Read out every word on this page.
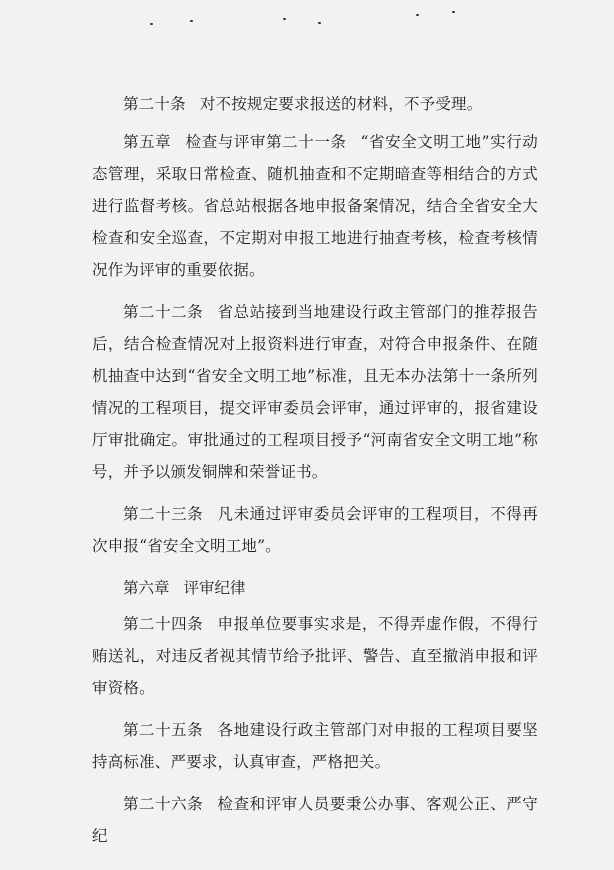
第二十条 对不按规定要求报送的材料，不予受理。

第五章 检查与评审第二十一条 “省安全文明工地”实行动态管理，采取日常检查、随机抽查和不定期暗查等相结合的方式进行监督考核。省总站根据各地申报备案情况，结合全省安全大检查和安全巡查，不定期对申报工地进行抽查考核，检查考核情况作为评审的重要依据。

第二十二条 省总站接到当地建设行政主管部门的推荐报告后，结合检查情况对上报资料进行审查，对符合申报条件、在随机抽查中达到“省安全文明工地”标准，且无本办法第十一条所列情况的工程项目，提交评审委员会评审，通过评审的，报省建设厅审批确定。审批通过的工程项目授予“河南省安全文明工地”称号，并予以颁发铜牌和荣誉证书。

第二十三条 凡未通过评审委员会评审的工程项目，不得再次申报“省安全文明工地”。

第六章 评审纪律

第二十四条 申报单位要事实求是，不得弄虚作假，不得行贿送礼，对违反者视其情节给予批评、警告、直至撤消申报和评审资格。

第二十五条 各地建设行政主管部门对申报的工程项目要坚持高标准、严要求，认真审查，严格把关。

第二十六条 检查和评审人员要秉公办事、客观公正、严守纪
